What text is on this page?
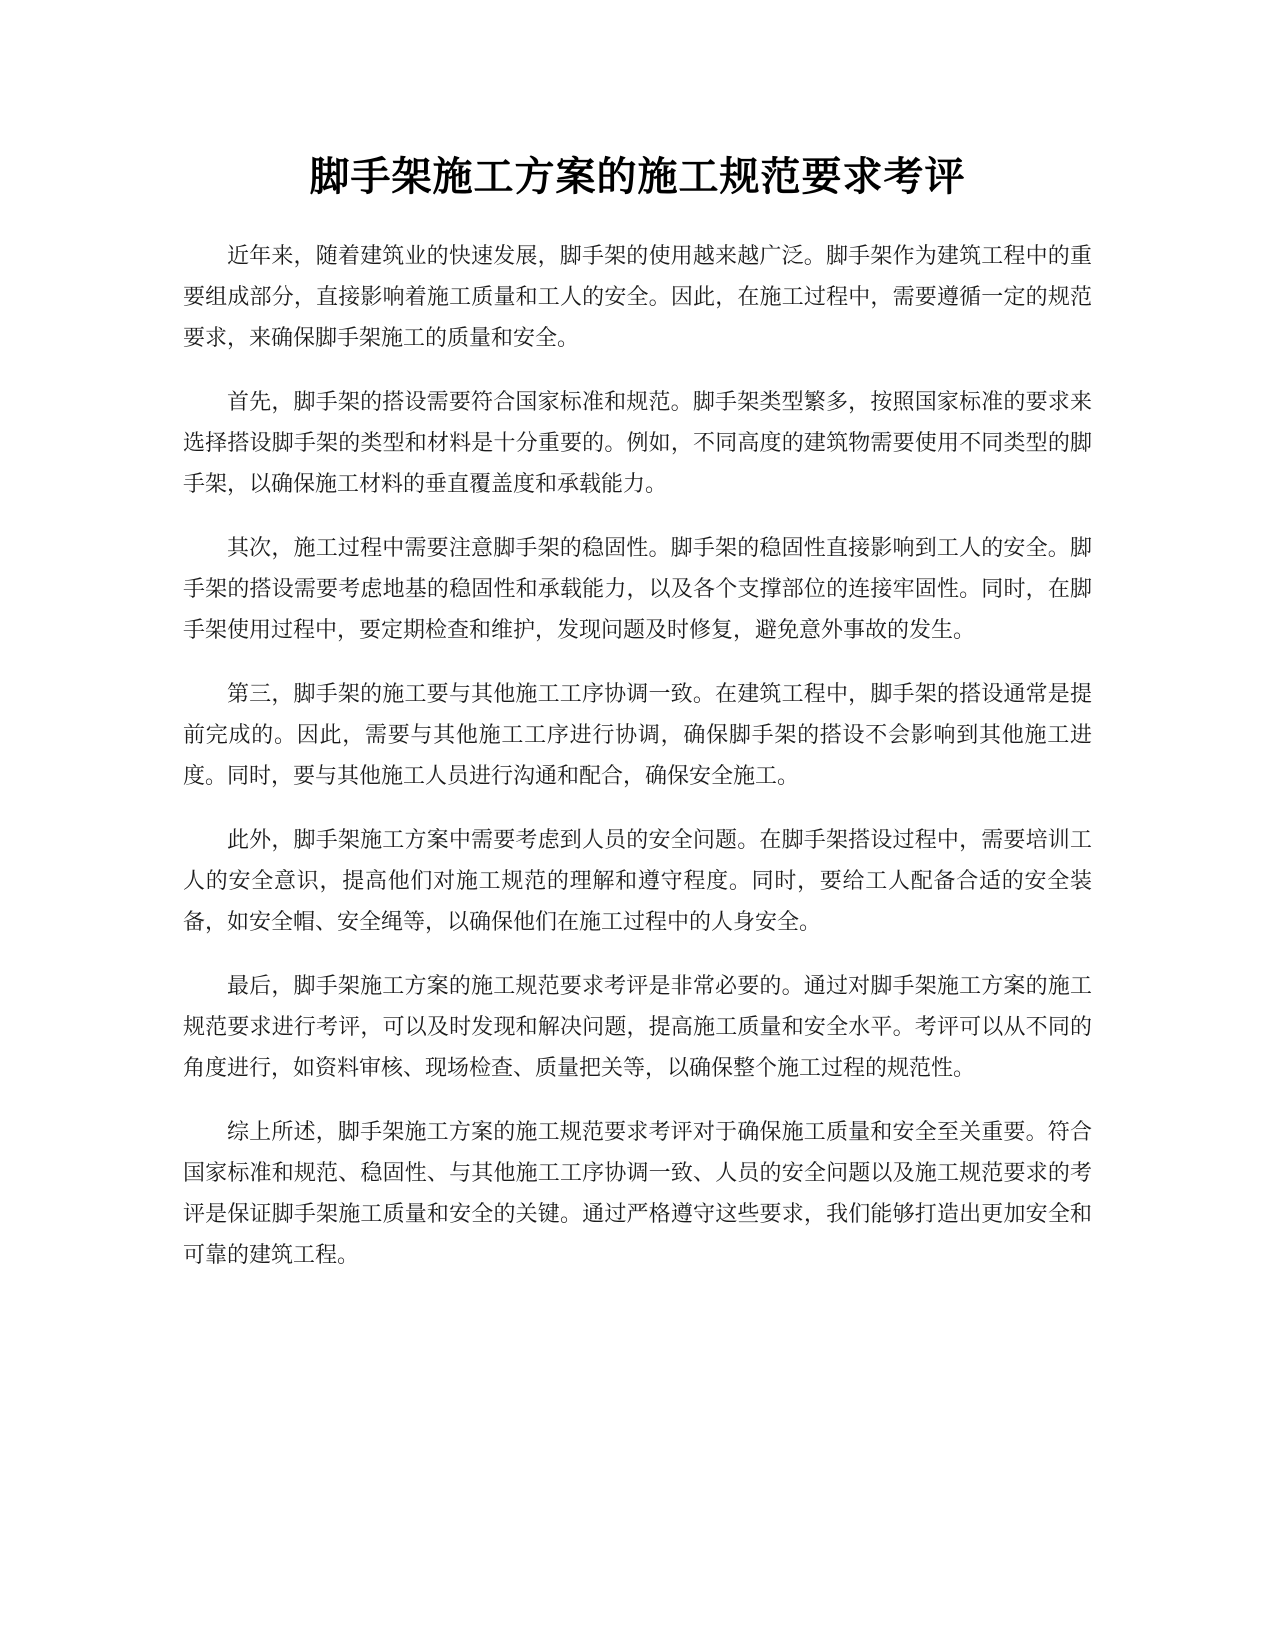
脚手架施工方案的施工规范要求考评

近年来，随着建筑业的快速发展，脚手架的使用越来越广泛。脚手架作为建筑工程中的重要组成部分，直接影响着施工质量和工人的安全。因此，在施工过程中，需要遵循一定的规范要求，来确保脚手架施工的质量和安全。

首先，脚手架的搭设需要符合国家标准和规范。脚手架类型繁多，按照国家标准的要求来选择搭设脚手架的类型和材料是十分重要的。例如，不同高度的建筑物需要使用不同类型的脚手架，以确保施工材料的垂直覆盖度和承载能力。

其次，施工过程中需要注意脚手架的稳固性。脚手架的稳固性直接影响到工人的安全。脚手架的搭设需要考虑地基的稳固性和承载能力，以及各个支撑部位的连接牢固性。同时，在脚手架使用过程中，要定期检查和维护，发现问题及时修复，避免意外事故的发生。

第三，脚手架的施工要与其他施工工序协调一致。在建筑工程中，脚手架的搭设通常是提前完成的。因此，需要与其他施工工序进行协调，确保脚手架的搭设不会影响到其他施工进度。同时，要与其他施工人员进行沟通和配合，确保安全施工。

此外，脚手架施工方案中需要考虑到人员的安全问题。在脚手架搭设过程中，需要培训工人的安全意识，提高他们对施工规范的理解和遵守程度。同时，要给工人配备合适的安全装备，如安全帽、安全绳等，以确保他们在施工过程中的人身安全。

最后，脚手架施工方案的施工规范要求考评是非常必要的。通过对脚手架施工方案的施工规范要求进行考评，可以及时发现和解决问题，提高施工质量和安全水平。考评可以从不同的角度进行，如资料审核、现场检查、质量把关等，以确保整个施工过程的规范性。

综上所述，脚手架施工方案的施工规范要求考评对于确保施工质量和安全至关重要。符合国家标准和规范、稳固性、与其他施工工序协调一致、人员的安全问题以及施工规范要求的考评是保证脚手架施工质量和安全的关键。通过严格遵守这些要求，我们能够打造出更加安全和可靠的建筑工程。
